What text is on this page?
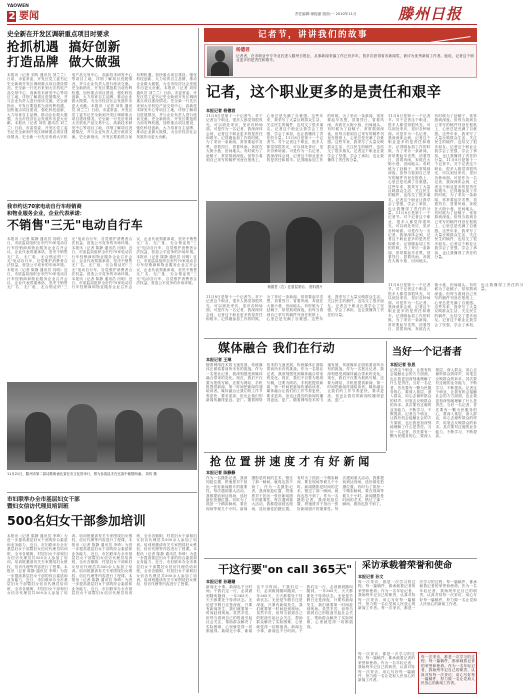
YAOWEN
2 要闻	责任编辑:徐振丽 版面:一 2010年11月	滕州日报
史全新在开发区调研重点项目时要求
抢抓机遇  搞好创新
打造品牌  做大做强
本报讯（记者 刘传 通讯员 刘兰兰）日前，市委常委、开发区党工委书记史全新到开发区调研重点项目建设情况。史全新一行先后来到大宗机电产品交易中心、高新技术研发中心等项目工地，详细了解项目进展情况，并与企业负责人进行座谈交流。史全新指出，开发区要抢抓当前有利机遇，加快重点项目建设，强化科技创新，大力培育自主品牌，推动企业做大做强，为全市经济社会发展作出更大贡献。本报讯（记者 刘传 通讯员 刘兰兰）日前，市委常委、开发区党工委书记史全新到开发区调研重点项目建设情况。史全新一行先后来到大宗机电产品交易中心、高新技术研发中心等项目工地，详细了解项目进展情况，并与企业负责人进行座谈交流。史全新指出，开发区要抢抓当前有利机遇，加快重点项目建设，强化科技创新，大力培育自主品牌，推动企业做大做强，为全市经济社会发展作出更大贡献。本报讯（记者 刘传 通讯员 刘兰兰）日前，市委常委、开发区党工委书记史全新到开发区调研重点项目建设情况。史全新一行先后来到大宗机电产品交易中心、高新技术研发中心等项目工地，详细了解项目进展情况，并与企业负责人进行座谈交流。史全新指出，开发区要抢抓当前有利机遇，加快重点项目建设，强化科技创新，大力培育自主品牌，推动企业做大做强，为全市经济社会发展作出更大贡献。本报讯（记者 刘传 通讯员 刘兰兰）日前，市委常委、开发区党工委书记史全新到开发区调研重点项目建设情况。史全新一行先后来到大宗机电产品交易中心、高新技术研发中心等项目工地，详细了解项目进展情况，并与企业负责人进行座谈交流。史全新指出，开发区要抢抓当前有利机遇，加快重点项目建设，强化科技创新，大力培育自主品牌，推动企业做大做强，为全市经济社会发展作出更大贡献。
我市约达70家电动自行车经销商
和物业服务企业，企业代表承诺：
不销售"三无"电动自行车
本报讯（记者 陈静 通讯员 闫明）近日，市质监局组织全市约70家电动自行车经销商和物业服务企业召开会议，企业代表郑重承诺，坚决不销售无厂名、无厂址、无合格证的"三无"电动自行车，自觉维护消费者合法权益，营造公平竞争的市场环境。本报讯（记者 陈静 通讯员 闫明）近日，市质监局组织全市约70家电动自行车经销商和物业服务企业召开会议，企业代表郑重承诺，坚决不销售无厂名、无厂址、无合格证的"三无"电动自行车，自觉维护消费者合法权益，营造公平竞争的市场环境。本报讯（记者 陈静 通讯员 闫明）近日，市质监局组织全市约70家电动自行车经销商和物业服务企业召开会议，企业代表郑重承诺，坚决不销售无厂名、无厂址、无合格证的"三无"电动自行车，自觉维护消费者合法权益，营造公平竞争的市场环境。本报讯（记者 陈静 通讯员 闫明）近日，市质监局组织全市约70家电动自行车经销商和物业服务企业召开会议，企业代表郑重承诺，坚决不销售无厂名、无厂址、无合格证的"三无"电动自行车，自觉维护消费者合法权益，营造公平竞争的市场环境。本报讯（记者 陈静 通讯员 闫明）近日，市质监局组织全市约70家电动自行车经销商和物业服务企业召开会议，企业代表郑重承诺，坚决不销售无厂名、无厂址、无合格证的"三无"电动自行车，自觉维护消费者合法权益，营造公平竞争的市场环境。
11月21日，滕州市第二届诗歌朗诵比赛在市文化馆举行，图为参赛选手在比赛中倾情朗诵。 刘传 摄
市妇联举办全市基层妇女干部
暨妇女信访代理员培训班
500名妇女干部参加培训
本报讯（记者 陈静 通讯员 李琦）为进一步提高基层妇女干部的综合素质和业务能力，近日，市妇联举办全市基层妇女干部暨妇女信访代理员培训班，全市各镇街、村居妇女干部和妇女信访代理员共500余人参加了培训。培训班邀请有关专家围绕妇女维权、信访代理等内容进行了授课。本报讯（记者 陈静 通讯员 李琦）为进一步提高基层妇女干部的综合素质和业务能力，近日，市妇联举办全市基层妇女干部暨妇女信访代理员培训班，全市各镇街、村居妇女干部和妇女信访代理员共500余人参加了培训。培训班邀请有关专家围绕妇女维权、信访代理等内容进行了授课。本报讯（记者 陈静 通讯员 李琦）为进一步提高基层妇女干部的综合素质和业务能力，近日，市妇联举办全市基层妇女干部暨妇女信访代理员培训班，全市各镇街、村居妇女干部和妇女信访代理员共500余人参加了培训。培训班邀请有关专家围绕妇女维权、信访代理等内容进行了授课。本报讯（记者 陈静 通讯员 李琦）为进一步提高基层妇女干部的综合素质和业务能力，近日，市妇联举办全市基层妇女干部暨妇女信访代理员培训班，全市各镇街、村居妇女干部和妇女信访代理员共500余人参加了培训。培训班邀请有关专家围绕妇女维权、信访代理等内容进行了授课。本报讯（记者 陈静 通讯员 李琦）为进一步提高基层妇女干部的综合素质和业务能力，近日，市妇联举办全市基层妇女干部暨妇女信访代理员培训班，全市各镇街、村居妇女干部和妇女信访代理员共500余人参加了培训。培训班邀请有关专家围绕妇女维权、信访代理等内容进行了授课。
记者节，讲讲我们的故事
杨德君
记者者，在市职业中专毕业后进入滕州日报社，从事新闻采编工作已有多年，曾多次获得省市新闻奖，被评为优秀新闻工作者。她说，记者这个职业更多的是责任和艰辛。
记者，这个职业更多的是责任和艰辛
本报记者 杨德君
11月8日是第十一个记者节。对于记者这个职业，很多人都觉得很风光，可以到处采访，见识各种场面。可是作为一名记者，我深深体会到，记者这个职业更多的是责任和艰辛。记得刚参加工作的时候，为了采访一条新闻，常常要起早贪黑，顶着烈日、冒着风雨，奔波在大街小巷、田间地头。有时候为了赶稿子，常常熬到深夜。但每当看到自己采写的稿件刊登在报纸上，心里总是充满了自豪感。这些年来，我采写了大量反映群众生活、关注民生的稿件，也结交了很多朋友。记者这个职业让我学会了坚强，学会了承担，也让我懂得了责任的分量。11月8日是第十一个记者节。对于记者这个职业，很多人都觉得很风光，可以到处采访，见识各种场面。可是作为一名记者，我深深体会到，记者这个职业更多的是责任和艰辛。记得刚参加工作的时候，为了采访一条新闻，常常要起早贪黑，顶着烈日、冒着风雨，奔波在大街小巷、田间地头。有时候为了赶稿子，常常熬到深夜。但每当看到自己采写的稿件刊登在报纸上，心里总是充满了自豪感。这些年来，我采写了大量反映群众生活、关注民生的稿件，也结交了很多朋友。记者这个职业让我学会了坚强，学会了承担，也让我懂得了责任的分量。
11月8日是第十一个记者节。对于记者这个职业，很多人都觉得很风光，可以到处采访，见识各种场面。可是作为一名记者，我深深体会到，记者这个职业更多的是责任和艰辛。记得刚参加工作的时候，为了采访一条新闻，常常要起早贪黑，顶着烈日、冒着风雨，奔波在大街小巷、田间地头。有时候为了赶稿子，常常熬到深夜。但每当看到自己采写的稿件刊登在报纸上，心里总是充满了自豪感。这些年来，我采写了大量反映群众生活、关注民生的稿件，也结交了很多朋友。记者这个职业让我学会了坚强，学会了承担，也让我懂得了责任的分量。11月8日是第十一个记者节。对于记者这个职业，很多人都觉得很风光，可以到处采访，见识各种场面。可是作为一名记者，我深深体会到，记者这个职业更多的是责任和艰辛。记得刚参加工作的时候，为了采访一条新闻，常常要起早贪黑，顶着烈日、冒着风雨，奔波在大街小巷、田间地头。有时候为了赶稿子，常常熬到深夜。但每当看到自己采写的稿件刊登在报纸上，心里总是充满了自豪感。这些年来，我采写了大量反映群众生活、关注民生的稿件，也结交了很多朋友。记者这个职业让我学会了坚强，学会了承担，也让我懂得了责任的分量。11月8日是第十一个记者节。对于记者这个职业，很多人都觉得很风光，可以到处采访，见识各种场面。可是作为一名记者，我深深体会到，记者这个职业更多的是责任和艰辛。记得刚参加工作的时候，为了采访一条新闻，常常要起早贪黑，顶着烈日、冒着风雨，奔波在大街小巷、田间地头。有时候为了赶稿子，常常熬到深夜。但每当看到自己采写的稿件刊登在报纸上，心里总是充满了自豪感。这些年来，我采写了大量反映群众生活、关注民生的稿件，也结交了很多朋友。记者这个职业让我学会了坚强，学会了承担，也让我懂得了责任的分量。
杨德君（右）在基层采访。 资料图片
11月8日是第十一个记者节。对于记者这个职业，很多人都觉得很风光，可以到处采访，见识各种场面。可是作为一名记者，我深深体会到，记者这个职业更多的是责任和艰辛。记得刚参加工作的时候，为了采访一条新闻，常常要起早贪黑，顶着烈日、冒着风雨，奔波在大街小巷、田间地头。有时候为了赶稿子，常常熬到深夜。但每当看到自己采写的稿件刊登在报纸上，心里总是充满了自豪感。这些年来，我采写了大量反映群众生活、关注民生的稿件，也结交了很多朋友。记者这个职业让我学会了坚强，学会了承担，也让我懂得了责任的分量。
11月8日是第十一个记者节。对于记者这个职业，很多人都觉得很风光，可以到处采访，见识各种场面。可是作为一名记者，我深深体会到，记者这个职业更多的是责任和艰辛。记得刚参加工作的时候，为了采访一条新闻，常常要起早贪黑，顶着烈日、冒着风雨，奔波在大街小巷、田间地头。有时候为了赶稿子，常常熬到深夜。但每当看到自己采写的稿件刊登在报纸上，心里总是充满了自豪感。这些年来，我采写了大量反映群众生活、关注民生的稿件，也结交了很多朋友。记者这个职业让我学会了坚强，学会了承担，也让我懂得了责任的分量。
媒体融合 我们在行动
本报记者 王琳
随着网络技术的飞速发展，传统媒体正面临着前所未有的挑战。作为一名报社记者，我深刻感受到媒体融合带来的变化。现在，我们不仅要为报纸写稿，还要为网站、手机报提供新闻，第一时间把新闻传递给读者。媒体融合让我们的工作节奏更快，要求更高，但也让我们的新闻传播得更远、更广。随着网络技术的飞速发展，传统媒体正面临着前所未有的挑战。作为一名报社记者，我深刻感受到媒体融合带来的变化。现在，我们不仅要为报纸写稿，还要为网站、手机报提供新闻，第一时间把新闻传递给读者。媒体融合让我们的工作节奏更快，要求更高，但也让我们的新闻传播得更远、更广。随着网络技术的飞速发展，传统媒体正面临着前所未有的挑战。作为一名报社记者，我深刻感受到媒体融合带来的变化。现在，我们不仅要为报纸写稿，还要为网站、手机报提供新闻，第一时间把新闻传递给读者。媒体融合让我们的工作节奏更快，要求更高，但也让我们的新闻传播得更远、更广。
当好一个记者者
本报记者 张思
记者这个职业，让我有机会接触社会的方方面面，也让我更加深刻地理解了什么是责任。当好一名记者，首先要有一颗为民服务的心，要深入基层、深入群众，用心去倾听群众的呼声，用笔去反映群众的诉求。其次要有过硬的业务能力，不断学习，不断提高。记者这个职业，让我有机会接触社会的方方面面，也让我更加深刻地理解了什么是责任。当好一名记者，首先要有一颗为民服务的心，要深入基层、深入群众，用心去倾听群众的呼声，用笔去反映群众的诉求。其次要有过硬的业务能力，不断学习，不断提高。记者这个职业，让我有机会接触社会的方方面面，也让我更加深刻地理解了什么是责任。当好一名记者，首先要有一颗为民服务的心，要深入基层、深入群众，用心去倾听群众的呼声，用笔去反映群众的诉求。其次要有过硬的业务能力，不断学习，不断提高。
抢 位 置 拼 速 度 才 有 好 新 闻
本报记者 陈静静
作为一名摄影记者，我深知抢位置、拼速度对于拍出一张好新闻照片的重要性。每次遇到重大活动，我都提前到达现场，选好最佳拍摄位置。有时为了抓拍一个精彩瞬间，要在现场等候几个小时。新闻摄影是时间的艺术，错过了那一瞬间，就再也拍不到了。作为一名摄影记者，我深知抢位置、拼速度对于拍出一张好新闻照片的重要性。每次遇到重大活动，我都提前到达现场，选好最佳拍摄位置。有时为了抓拍一个精彩瞬间，要在现场等候几个小时。新闻摄影是时间的艺术，错过了那一瞬间，就再也拍不到了。作为一名摄影记者，我深知抢位置、拼速度对于拍出一张好新闻照片的重要性。每次遇到重大活动，我都提前到达现场，选好最佳拍摄位置。有时为了抓拍一个精彩瞬间，要在现场等候几个小时。新闻摄影是时间的艺术，错过了那一瞬间，就再也拍不到了。
采访承载着荣誉和使命
本报记者 孙文
每一次采访，都是一次学习的过程；每一篇稿件，都承载着记者的荣誉和使命。作为一名年轻记者，我始终牢记自己的职责，认真对待每一次采访，用心写好每一篇稿件，努力做一名让党和人民放心的新闻工作者。每一次采访，都是一次学习的过程；每一篇稿件，都承载着记者的荣誉和使命。作为一名年轻记者，我始终牢记自己的职责，认真对待每一次采访，用心写好每一篇稿件，努力做一名让党和人民放心的新闻工作者。
每一次采访，都是一次学习的过程；每一篇稿件，都承载着记者的荣誉和使命。作为一名年轻记者，我始终牢记自己的职责，认真对待每一次采访，用心写好每一篇稿件，努力做一名让党和人民放心的新闻工作者。
每一次采访，都是一次学习的过程；每一篇稿件，都承载着记者的荣誉和使命。作为一名年轻记者，我始终牢记自己的职责，认真对待每一次采访，用心写好每一篇稿件，努力做一名让党和人民放心的新闻工作者。
干这行要"on call 365天"
本报记者 孙珊珊
新闻无小事，新闻也不分时间。干我们这一行，必须做到随叫随到，一年365天，天天都要处于待命状态。无论是节假日还是深夜，只要有新闻发生，我们就要第一时间赶到现场。虽然辛苦，但每当看到自己的报道引起社会关注，帮助群众解决了实际困难，心里就觉得一切都值得。新闻无小事，新闻也不分时间。干我们这一行，必须做到随叫随到，一年365天，天天都要处于待命状态。无论是节假日还是深夜，只要有新闻发生，我们就要第一时间赶到现场。虽然辛苦，但每当看到自己的报道引起社会关注，帮助群众解决了实际困难，心里就觉得一切都值得。新闻无小事，新闻也不分时间。干我们这一行，必须做到随叫随到，一年365天，天天都要处于待命状态。无论是节假日还是深夜，只要有新闻发生，我们就要第一时间赶到现场。虽然辛苦，但每当看到自己的报道引起社会关注，帮助群众解决了实际困难，心里就觉得一切都值得。
